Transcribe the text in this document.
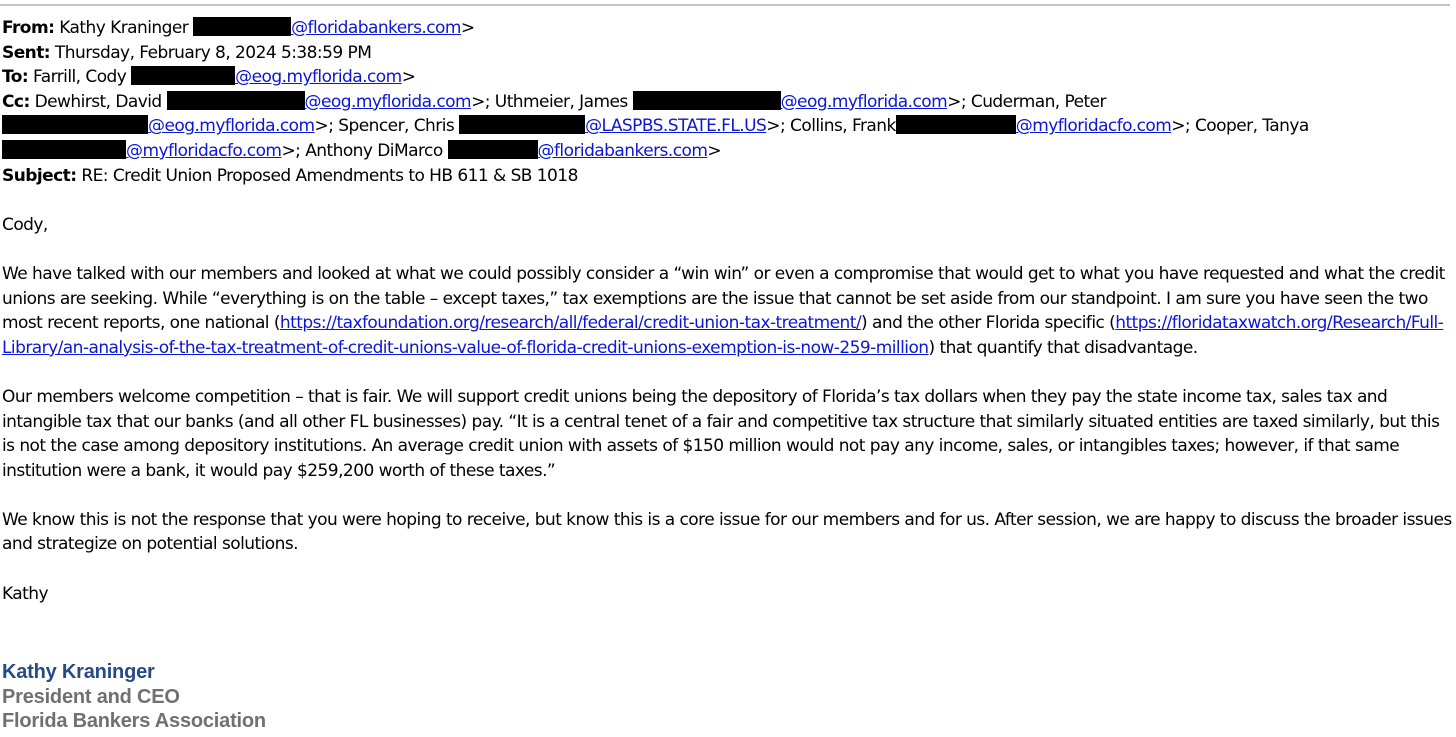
From: Kathy Kraninger	@floridabankers.com>
Sent: Thursday, February 8, 2024 5:38:59 PM
To: Farrill, Cody	@eog.myflorida.com>
Cc: Dewhirst, David	@eog.myflorida.com>; Uthmeier, James	@eog.myflorida.com>; Cuderman, Peter
@eog.myflorida.com>; Spencer, Chris	@LASPBS.STATE.FL.US>; Collins, Frank	@myfloridacfo.com>; Cooper, Tanya
@myfloridacfo.com>; Anthony DiMarco	@floridabankers.com>
Subject: RE: Credit Union Proposed Amendments to HB 611 & SB 1018

Cody,

We have talked with our members and looked at what we could possibly consider a “win win” or even a compromise that would get to what you have requested and what the credit unions are seeking. While “everything is on the table – except taxes,” tax exemptions are the issue that cannot be set aside from our standpoint. I am sure you have seen the two most recent reports, one national (https://taxfoundation.org/research/all/federal/credit-union-tax-treatment/) and the other Florida specific (https://floridataxwatch.org/Research/Full-Library/an-analysis-of-the-tax-treatment-of-credit-unions-value-of-florida-credit-unions-exemption-is-now-259-million) that quantify that disadvantage.

Our members welcome competition – that is fair. We will support credit unions being the depository of Florida’s tax dollars when they pay the state income tax, sales tax and intangible tax that our banks (and all other FL businesses) pay. “It is a central tenet of a fair and competitive tax structure that similarly situated entities are taxed similarly, but this is not the case among depository institutions. An average credit union with assets of $150 million would not pay any income, sales, or intangibles taxes; however, if that same institution were a bank, it would pay $259,200 worth of these taxes.”

We know this is not the response that you were hoping to receive, but know this is a core issue for our members and for us. After session, we are happy to discuss the broader issues and strategize on potential solutions.

Kathy

Kathy Kraninger
President and CEO
Florida Bankers Association
